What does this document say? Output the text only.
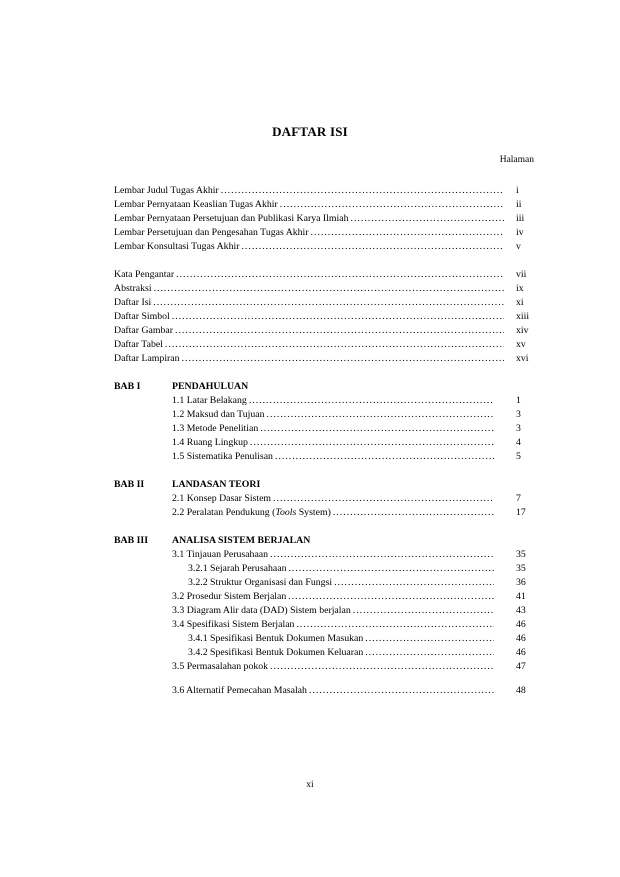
DAFTAR ISI
Halaman
Lembar Judul Tugas Akhir .....	i
Lembar Pernyataan Keaslian Tugas Akhir .....	ii
Lembar Pernyataan Persetujuan dan Publikasi Karya Ilmiah .....	iii
Lembar Persetujuan dan Pengesahan Tugas Akhir .....	iv
Lembar Konsultasi Tugas Akhir .....	v
Kata Pengantar .....	vii
Abstraksi .....	ix
Daftar Isi .....	xi
Daftar Simbol .....	xiii
Daftar Gambar .....	xiv
Daftar Tabel .....	xv
Daftar Lampiran .....	xvi
BAB I	PENDAHULUAN
1.1 Latar Belakang .....	1
1.2 Maksud dan Tujuan .....	3
1.3 Metode Penelitian .....	3
1.4 Ruang Lingkup .....	4
1.5 Sistematika Penulisan .....	5
BAB II	LANDASAN TEORI
2.1 Konsep Dasar Sistem .....	7
2.2 Peralatan Pendukung (Tools System) .....	17
BAB III ANALISA SISTEM BERJALAN
3.1 Tinjauan Perusahaan .....	35
3.2.1 Sejarah Perusahaan .....	35
3.2.2 Struktur Organisasi dan Fungsi .....	36
3.2 Prosedur Sistem Berjalan .....	41
3.3 Diagram Alir data (DAD) Sistem berjalan .....	43
3.4 Spesifikasi Sistem Berjalan .....	46
3.4.1 Spesifikasi Bentuk Dokumen Masukan .....	46
3.4.2 Spesifikasi Bentuk Dokumen Keluaran .....	46
3.5 Permasalahan pokok .....	47
3.6 Alternatif Pemecahan Masalah .....	48
xi
